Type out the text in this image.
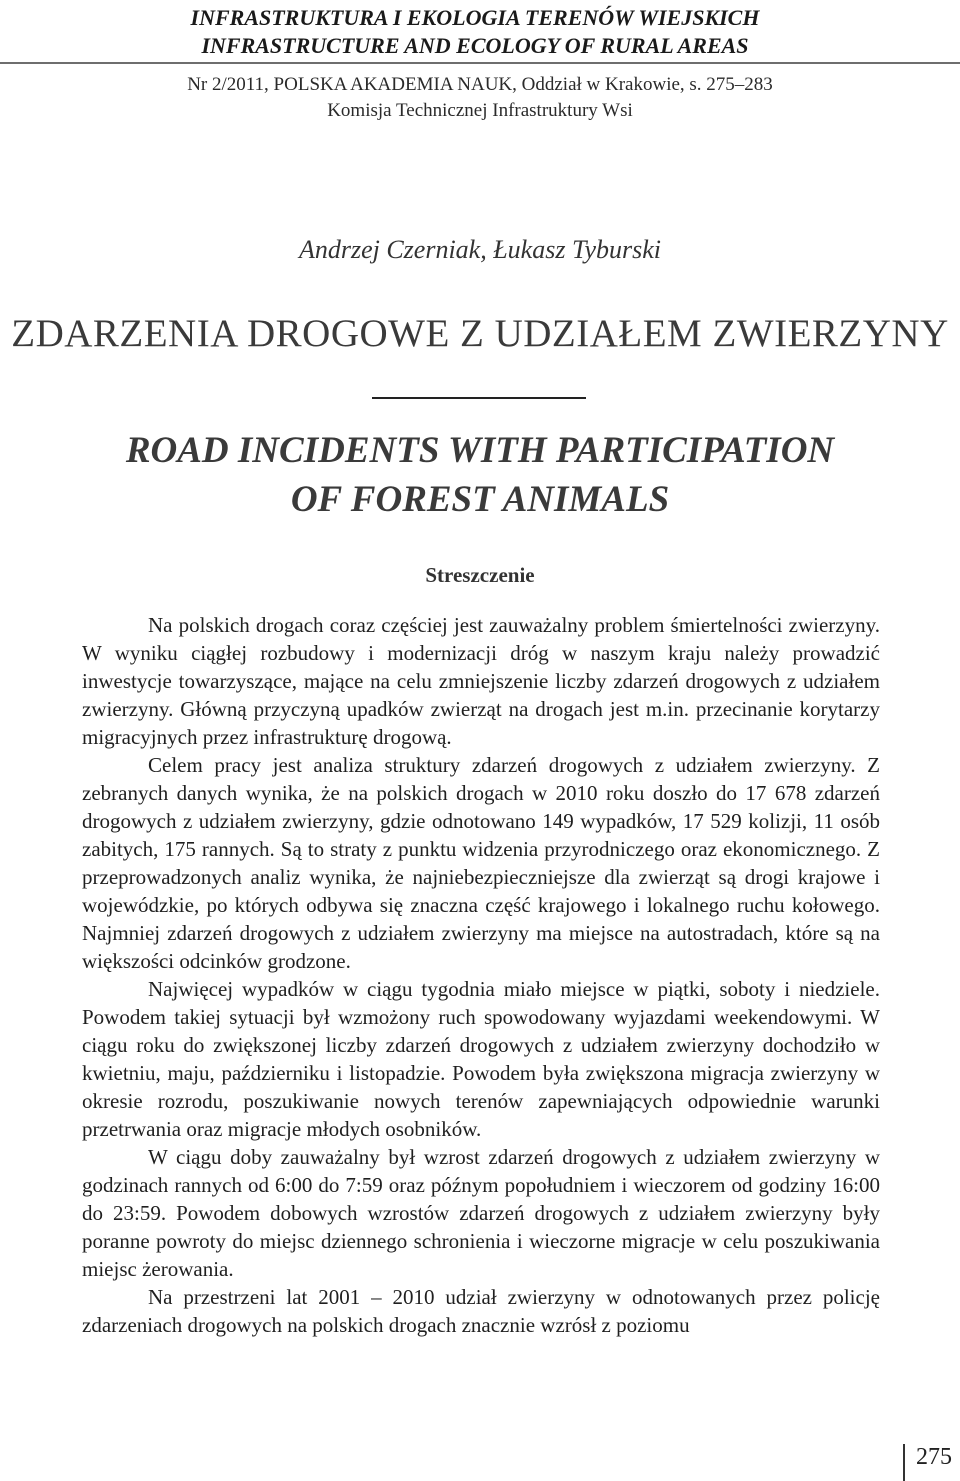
INFRASTRUKTURA I EKOLOGIA TERENÓW WIEJSKICH
INFRASTRUCTURE AND ECOLOGY OF RURAL AREAS
Nr 2/2011, POLSKA AKADEMIA NAUK, Oddział w Krakowie, s. 275–283
Komisja Technicznej Infrastruktury Wsi
Andrzej Czerniak, Łukasz Tyburski
ZDARZENIA DROGOWE Z UDZIAŁEM ZWIERZYNY
ROAD INCIDENTS WITH PARTICIPATION
OF FOREST ANIMALS
Streszczenie

Na polskich drogach coraz częściej jest zauważalny problem śmiertelności zwierzyny. W wyniku ciągłej rozbudowy i modernizacji dróg w naszym kraju należy prowadzić inwestycje towarzyszące, mające na celu zmniejszenie liczby zdarzeń drogowych z udziałem zwierzyny. Główną przyczyną upadków zwierząt na drogach jest m.in. przecinanie korytarzy migracyjnych przez infrastrukturę drogową.

Celem pracy jest analiza struktury zdarzeń drogowych z udziałem zwierzyny. Z zebranych danych wynika, że na polskich drogach w 2010 roku doszło do 17 678 zdarzeń drogowych z udziałem zwierzyny, gdzie odnotowano 149 wypadków, 17 529 kolizji, 11 osób zabitych, 175 rannych. Są to straty z punktu widzenia przyrodniczego oraz ekonomicznego. Z przeprowadzonych analiz wynika, że najniebezpieczniejsze dla zwierząt są drogi krajowe i wojewódzkie, po których odbywa się znaczna część krajowego i lokalnego ruchu kołowego. Najmniej zdarzeń drogowych z udziałem zwierzyny ma miejsce na autostradach, które są na większości odcinków grodzone.

Najwięcej wypadków w ciągu tygodnia miało miejsce w piątki, soboty i niedziele. Powodem takiej sytuacji był wzmożony ruch spowodowany wyjazdami weekendowymi. W ciągu roku do zwiększonej liczby zdarzeń drogowych z udziałem zwierzyny dochodziło w kwietniu, maju, październiku i listopadzie. Powodem była zwiększona migracja zwierzyny w okresie rozrodu, poszukiwanie nowych terenów zapewniających odpowiednie warunki przetrwania oraz migracje młodych osobników.

W ciągu doby zauważalny był wzrost zdarzeń drogowych z udziałem zwierzyny w godzinach rannych od 6:00 do 7:59 oraz późnym popołudniem i wieczorem od godziny 16:00 do 23:59. Powodem dobowych wzrostów zdarzeń drogowych z udziałem zwierzyny były poranne powroty do miejsc dziennego schronienia i wieczorne migracje w celu poszukiwania miejsc żerowania.

Na przestrzeni lat 2001 – 2010 udział zwierzyny w odnotowanych przez policję zdarzeniach drogowych na polskich drogach znacznie wzrósł z poziomu

275
